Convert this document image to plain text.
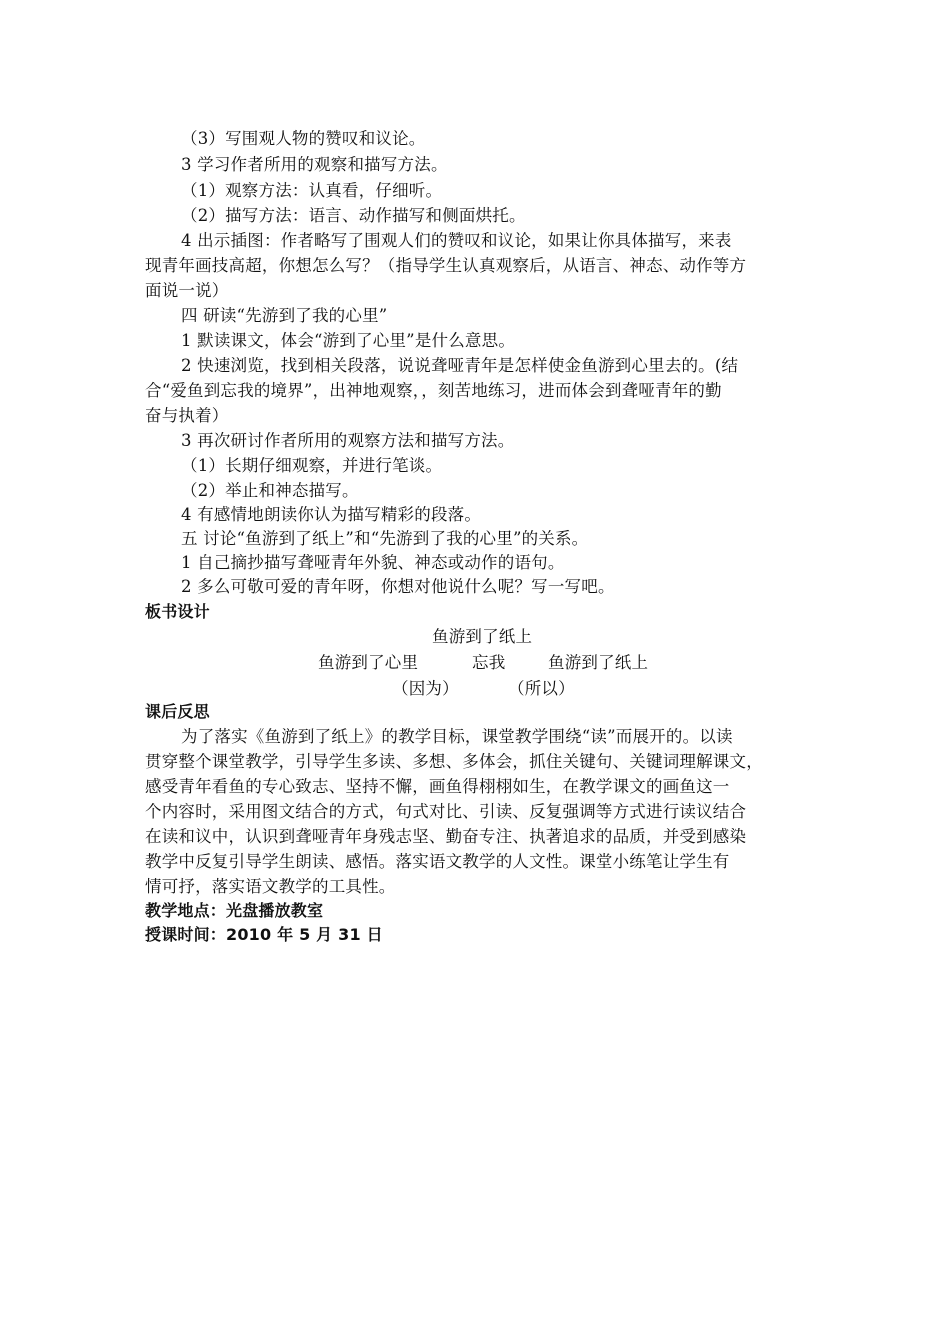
（3）写围观人物的赞叹和议论。
3 学习作者所用的观察和描写方法。
（1）观察方法：认真看，仔细听。
（2）描写方法：语言、动作描写和侧面烘托。
4 出示插图：作者略写了围观人们的赞叹和议论，如果让你具体描写，来表
现青年画技高超，你想怎么写？（指导学生认真观察后，从语言、神态、动作等方
面说一说）
四 研读“先游到了我的心里”
1 默读课文，体会“游到了心里”是什么意思。
2 快速浏览，找到相关段落，说说聋哑青年是怎样使金鱼游到心里去的。(结
合“爱鱼到忘我的境界”，出神地观察，，刻苦地练习，进而体会到聋哑青年的勤
奋与执着）
3 再次研讨作者所用的观察方法和描写方法。
（1）长期仔细观察，并进行笔谈。
（2）举止和神态描写。
4 有感情地朗读你认为描写精彩的段落。
五 讨论“鱼游到了纸上”和“先游到了我的心里”的关系。
1 自己摘抄描写聋哑青年外貌、神态或动作的语句。
2 多么可敬可爱的青年呀，你想对他说什么呢？写一写吧。
板书设计
鱼游到了纸上
鱼游到了心里	忘我	鱼游到了纸上
（因为）	（所以）
课后反思
为了落实《鱼游到了纸上》的教学目标，课堂教学围绕“读”而展开的。以读
贯穿整个课堂教学，引导学生多读、多想、多体会，抓住关键句、关键词理解课文，
感受青年看鱼的专心致志、坚持不懈，画鱼得栩栩如生，在教学课文的画鱼这一
个内容时，采用图文结合的方式，句式对比、引读、反复强调等方式进行读议结合
在读和议中，认识到聋哑青年身残志坚、勤奋专注、执著追求的品质，并受到感染
教学中反复引导学生朗读、感悟。落实语文教学的人文性。课堂小练笔让学生有
情可抒，落实语文教学的工具性。
教学地点：光盘播放教室
授课时间：2010 年 5 月 31 日
